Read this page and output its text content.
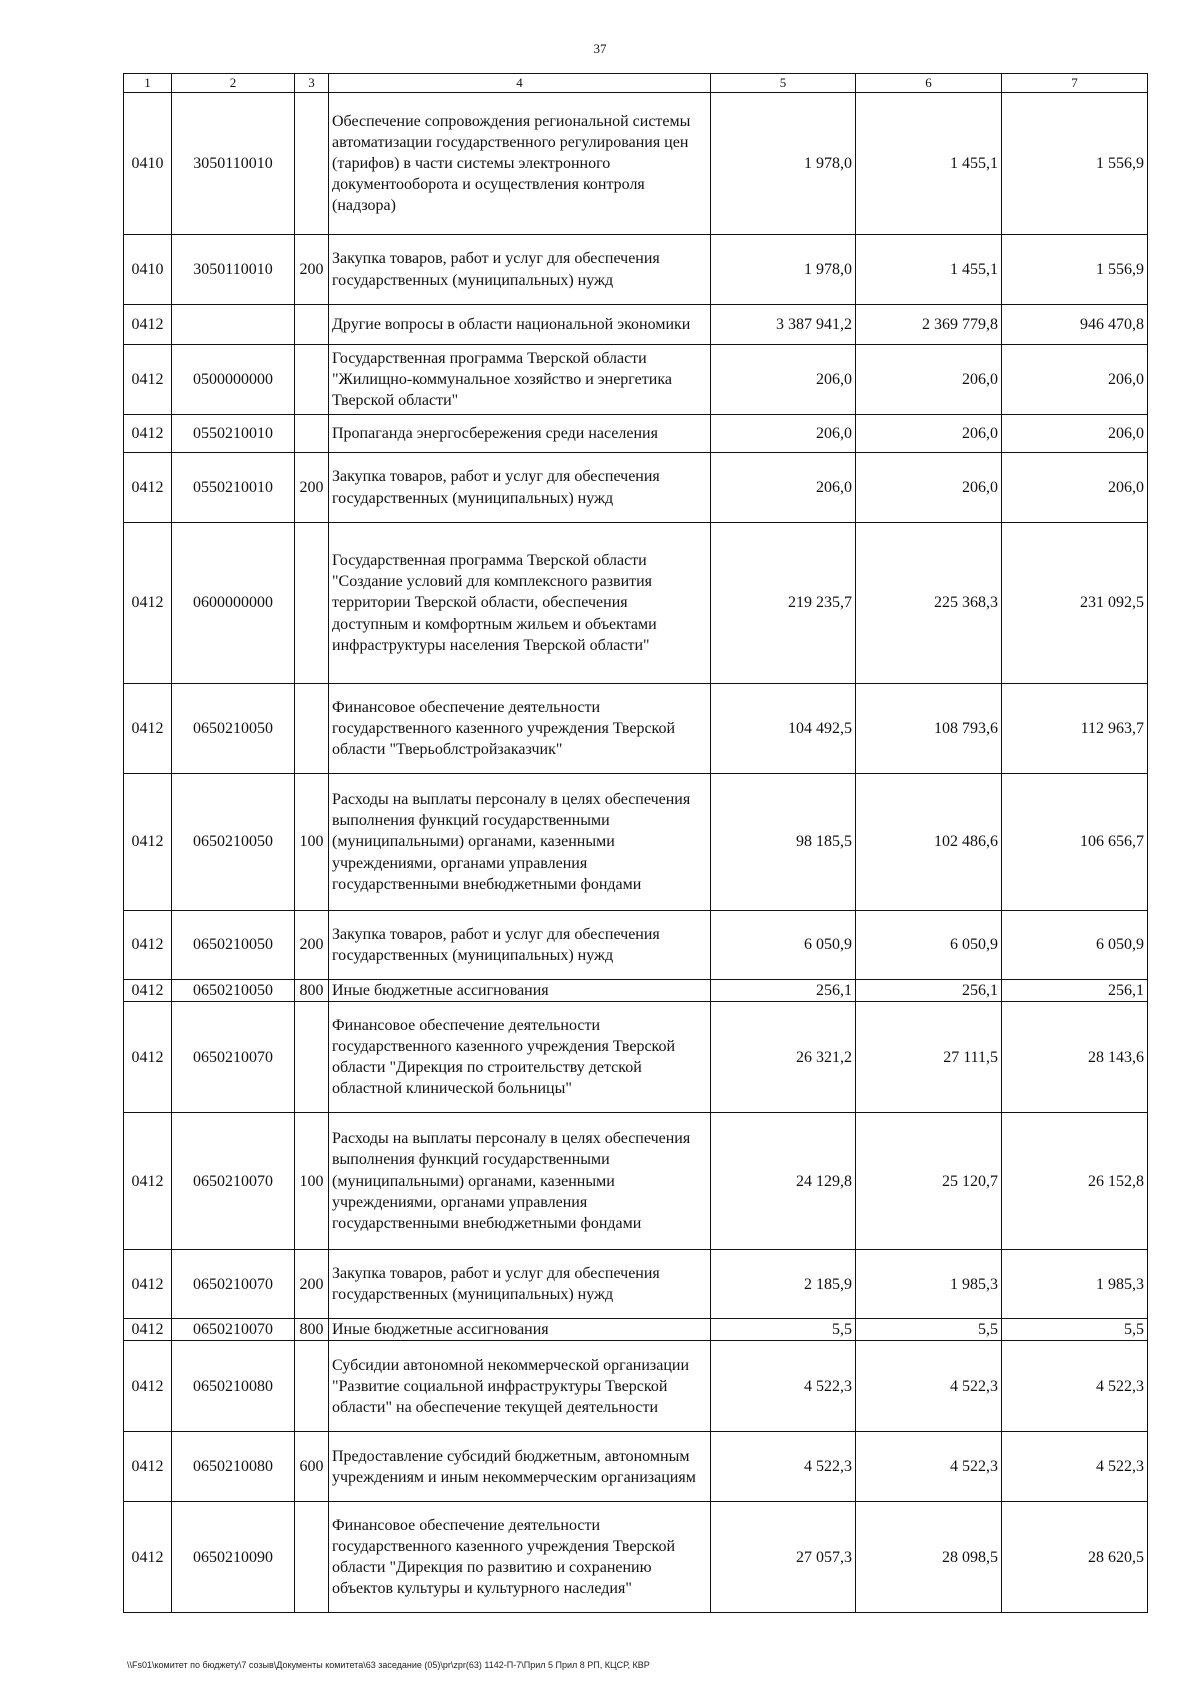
37
1	2	3	4	5	6	7
0410	3050110010		Обеспечение сопровождения региональной системы автоматизации государственного регулирования цен (тарифов) в части системы электронного документооборота и осуществления контроля (надзора)	1 978,0	1 455,1	1 556,9
0410	3050110010	200	Закупка товаров, работ и услуг для обеспечения государственных (муниципальных) нужд	1 978,0	1 455,1	1 556,9
0412			Другие вопросы в области национальной экономики	3 387 941,2	2 369 779,8	946 470,8
0412	0500000000		Государственная программа Тверской области "Жилищно-коммунальное хозяйство и энергетика Тверской области"	206,0	206,0	206,0
0412	0550210010		Пропаганда энергосбережения среди населения	206,0	206,0	206,0
0412	0550210010	200	Закупка товаров, работ и услуг для обеспечения государственных (муниципальных) нужд	206,0	206,0	206,0
0412	0600000000		Государственная программа Тверской области "Создание условий для комплексного развития территории Тверской области, обеспечения доступным и комфортным жильем и объектами инфраструктуры населения Тверской области"	219 235,7	225 368,3	231 092,5
0412	0650210050		Финансовое обеспечение деятельности государственного казенного учреждения Тверской области "Тверьоблстройзаказчик"	104 492,5	108 793,6	112 963,7
0412	0650210050	100	Расходы на выплаты персоналу в целях обеспечения выполнения функций государственными (муниципальными) органами, казенными учреждениями, органами управления государственными внебюджетными фондами	98 185,5	102 486,6	106 656,7
0412	0650210050	200	Закупка товаров, работ и услуг для обеспечения государственных (муниципальных) нужд	6 050,9	6 050,9	6 050,9
0412	0650210050	800	Иные бюджетные ассигнования	256,1	256,1	256,1
0412	0650210070		Финансовое обеспечение деятельности государственного казенного учреждения Тверской области "Дирекция по строительству детской областной клинической больницы"	26 321,2	27 111,5	28 143,6
0412	0650210070	100	Расходы на выплаты персоналу в целях обеспечения выполнения функций государственными (муниципальными) органами, казенными учреждениями, органами управления государственными внебюджетными фондами	24 129,8	25 120,7	26 152,8
0412	0650210070	200	Закупка товаров, работ и услуг для обеспечения государственных (муниципальных) нужд	2 185,9	1 985,3	1 985,3
0412	0650210070	800	Иные бюджетные ассигнования	5,5	5,5	5,5
0412	0650210080		Субсидии автономной некоммерческой организации "Развитие социальной инфраструктуры Тверской области" на обеспечение текущей деятельности	4 522,3	4 522,3	4 522,3
0412	0650210080	600	Предоставление субсидий бюджетным, автономным учреждениям и иным некоммерческим организациям	4 522,3	4 522,3	4 522,3
0412	0650210090		Финансовое обеспечение деятельности государственного казенного учреждения Тверской области "Дирекция по развитию и сохранению объектов культуры и культурного наследия"	27 057,3	28 098,5	28 620,5
\\Fs01\комитет по бюджету\7 созыв\Документы комитета\63 заседание (05)\pr\zpr(63) 1142-П-7\Прил 5 Прил 8 РП, КЦСР, КВР
